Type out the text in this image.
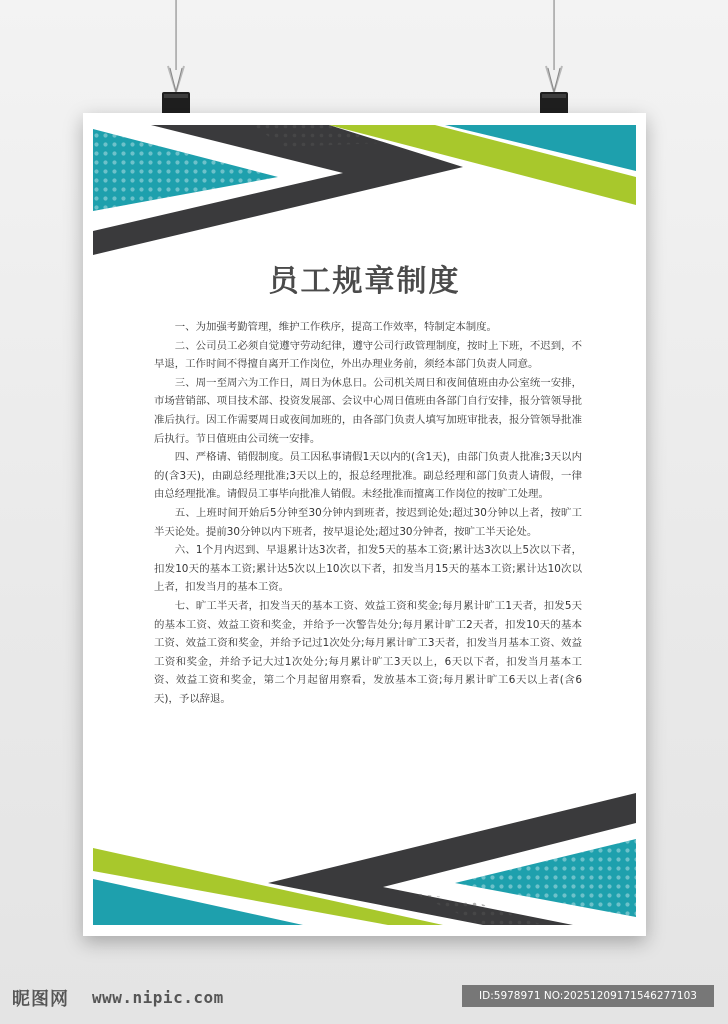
员工规章制度

一、为加强考勤管理，维护工作秩序，提高工作效率，特制定本制度。

二、公司员工必须自觉遵守劳动纪律，遵守公司行政管理制度，按时上下班，不迟到，不早退，工作时间不得擅自离开工作岗位，外出办理业务前，须经本部门负责人同意。

三、周一至周六为工作日，周日为休息日。公司机关周日和夜间值班由办公室统一安排，市场营销部、项目技术部、投资发展部、会议中心周日值班由各部门自行安排，报分管领导批准后执行。因工作需要周日或夜间加班的，由各部门负责人填写加班审批表，报分管领导批准后执行。节日值班由公司统一安排。

四、严格请、销假制度。员工因私事请假1天以内的(含1天)，由部门负责人批准;3天以内的(含3天)，由副总经理批准;3天以上的，报总经理批准。副总经理和部门负责人请假，一律由总经理批准。请假员工事毕向批准人销假。未经批准而擅离工作岗位的按旷工处理。

五、上班时间开始后5分钟至30分钟内到班者，按迟到论处;超过30分钟以上者，按旷工半天论处。提前30分钟以内下班者，按早退论处;超过30分钟者，按旷工半天论处。

六、1个月内迟到、早退累计达3次者，扣发5天的基本工资;累计达3次以上5次以下者，扣发10天的基本工资;累计达5次以上10次以下者，扣发当月15天的基本工资;累计达10次以上者，扣发当月的基本工资。

七、旷工半天者，扣发当天的基本工资、效益工资和奖金;每月累计旷工1天者，扣发5天的基本工资、效益工资和奖金，并给予一次警告处分;每月累计旷工2天者，扣发10天的基本工资、效益工资和奖金，并给予记过1次处分;每月累计旷工3天者，扣发当月基本工资、效益工资和奖金，并给予记大过1次处分;每月累计旷工3天以上，6天以下者，扣发当月基本工资、效益工资和奖金，第二个月起留用察看，发放基本工资;每月累计旷工6天以上者(含6天)，予以辞退。

昵图网 www.nipic.com	ID:5978971 NO:20251209171546277103
